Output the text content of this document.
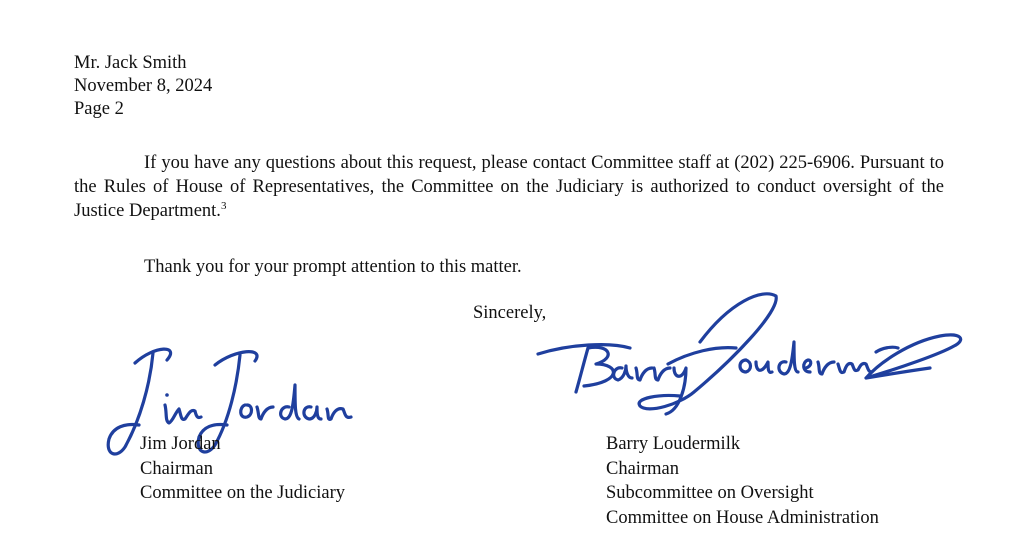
Mr. Jack Smith
November 8, 2024
Page 2
If you have any questions about this request, please contact Committee staff at (202) 225-6906. Pursuant to the Rules of House of Representatives, the Committee on the Judiciary is authorized to conduct oversight of the Justice Department.$^3$
Thank you for your prompt attention to this matter.
Sincerely,
Jim Jordan
Chairman
Committee on the Judiciary
Barry Loudermilk
Chairman
Subcommittee on Oversight
Committee on House Administration
